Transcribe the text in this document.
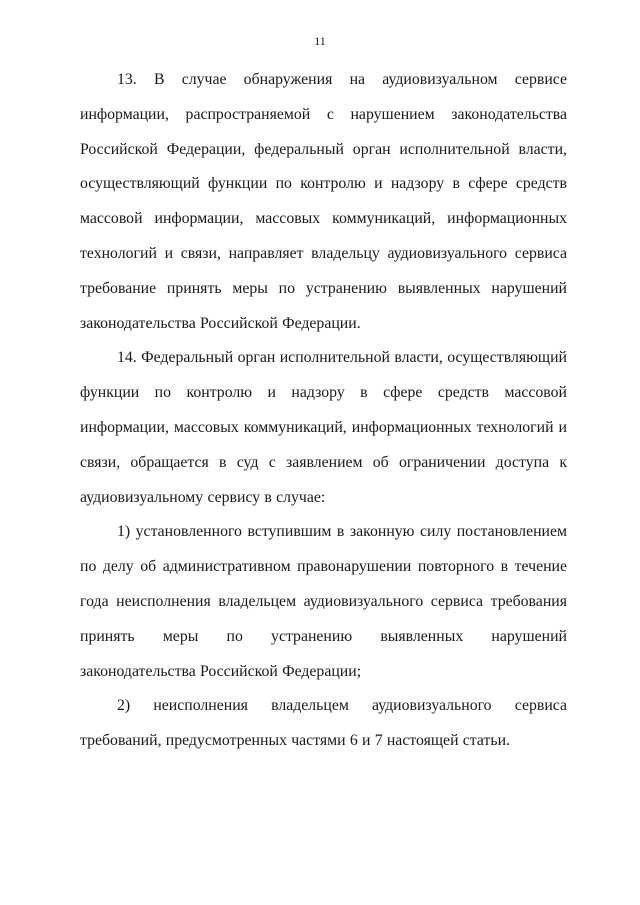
11

13. В случае обнаружения на аудиовизуальном сервисе информации, распространяемой с нарушением законодательства Российской Федерации, федеральный орган исполнительной власти, осуществляющий функции по контролю и надзору в сфере средств массовой информации, массовых коммуникаций, информационных технологий и связи, направляет владельцу аудиовизуального сервиса требование принять меры по устранению выявленных нарушений законодательства Российской Федерации.

14. Федеральный орган исполнительной власти, осуществляющий функции по контролю и надзору в сфере средств массовой информации, массовых коммуникаций, информационных технологий и связи, обращается в суд с заявлением об ограничении доступа к аудиовизуальному сервису в случае:

1) установленного вступившим в законную силу постановлением по делу об административном правонарушении повторного в течение года неисполнения владельцем аудиовизуального сервиса требования принять меры по устранению выявленных нарушений законодательства Российской Федерации;

2) неисполнения владельцем аудиовизуального сервиса требований, предусмотренных частями 6 и 7 настоящей статьи.
